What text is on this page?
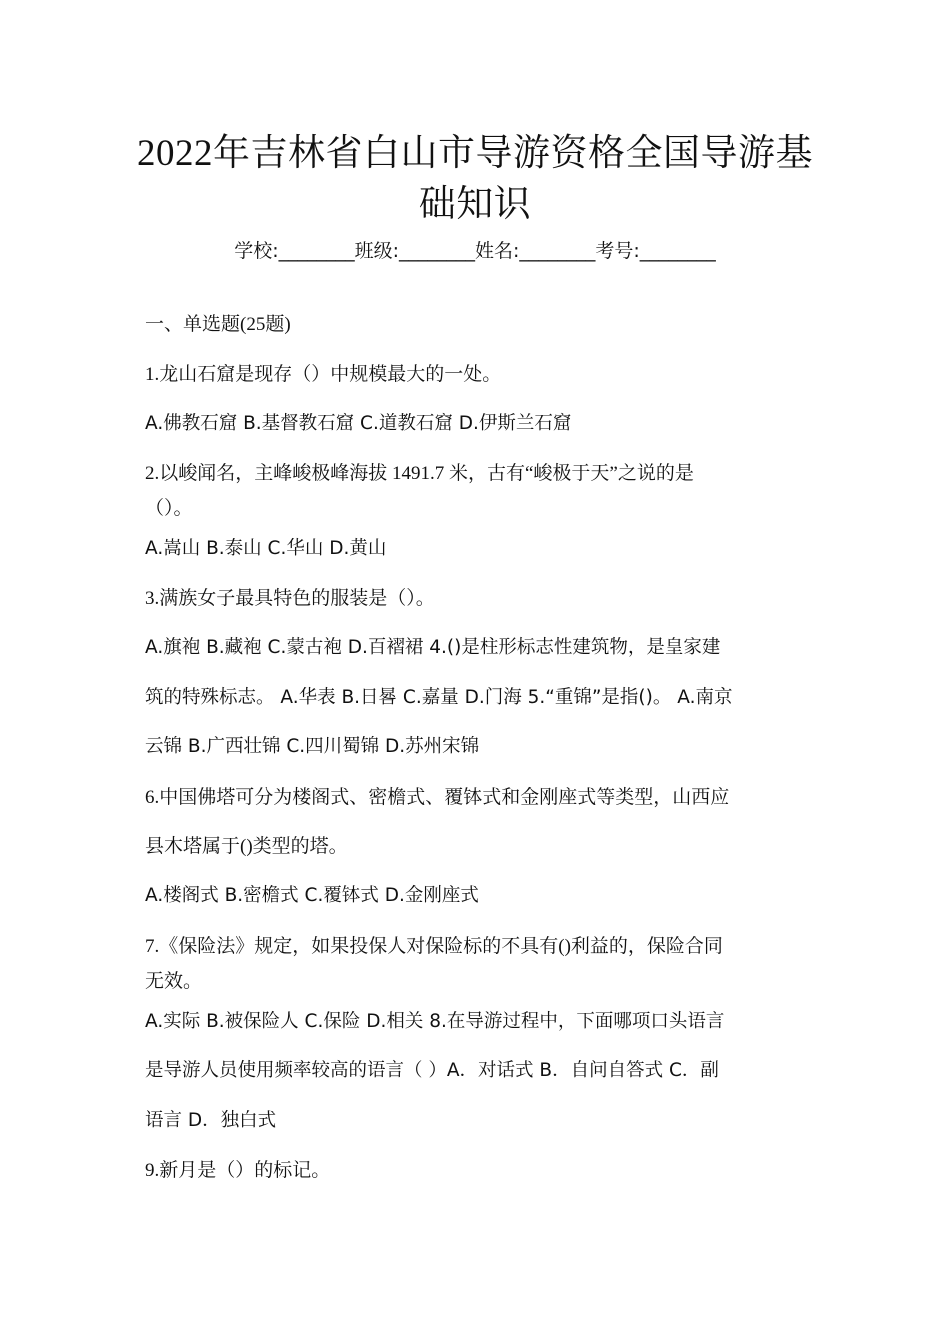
2022年吉林省白山市导游资格全国导游基
础知识
学校:________班级:________姓名:________考号:________
一、单选题(25题)
1.龙山石窟是现存（）中规模最大的一处。
A.佛教石窟 B.基督教石窟 C.道教石窟 D.伊斯兰石窟
2.以峻闻名，主峰峻极峰海拔 1491.7 米，古有“峻极于天”之说的是
（）。
A.嵩山 B.泰山 C.华山 D.黄山
3.满族女子最具特色的服装是（）。
A.旗袍 B.藏袍 C.蒙古袍 D.百褶裙 4.()是柱形标志性建筑物，是皇家建
筑的特殊标志。 A.华表 B.日晷 C.嘉量 D.门海 5.“重锦”是指()。 A.南京
云锦 B.广西壮锦 C.四川蜀锦 D.苏州宋锦
6.中国佛塔可分为楼阁式、密檐式、覆钵式和金刚座式等类型，山西应
县木塔属于()类型的塔。
A.楼阁式 B.密檐式 C.覆钵式 D.金刚座式
7.《保险法》规定，如果投保人对保险标的不具有()利益的，保险合同
无效。
A.实际 B.被保险人 C.保险 D.相关 8.在导游过程中，下面哪项口头语言
是导游人员使用频率较高的语言（ ）A．对话式 B．自问自答式 C．副
语言 D．独白式
9.新月是（）的标记。
